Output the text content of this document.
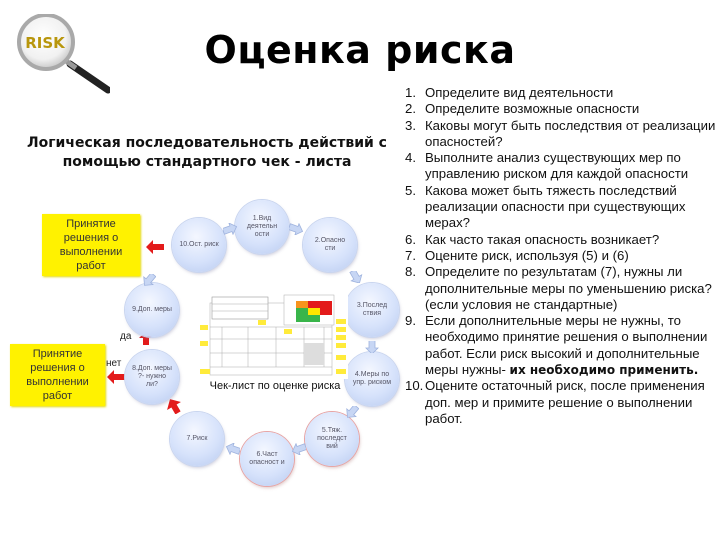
RISK	Оценка риска
Логическая последовательность действий с
помощью стандартного чек - листа
Принятие решения о выполнении работ
Принятие решения о выполнении работ
да
нет
1.Вид деятельн ости
2.Опасно сти
3.Послед ствия
4.Меры по упр. риском
5.Тяж. последст вий
6.Част опасност и
7.Риск
8.Доп. меры ?- нужно ли?
9.Доп. меры
10.Ост. риск
Чек-лист по оценке риска
1. Определите вид деятельности
2. Определите возможные опасности
3. Каковы могут быть последствия от реализации опасностей?
4. Выполните анализ существующих мер по управлению риском для каждой опасности
5. Какова может быть тяжесть последствий реализации опасности при существующих мерах?
6. Как часто такая опасность возникает?
7. Оцените риск, используя (5) и (6)
8. Определите по результатам (7), нужны ли дополнительные меры по уменьшению риска? (если условия не стандартные)
9. Если дополнительные меры не нужны, то необходимо принятие решения о выполнении работ. Если риск высокий и дополнительные меры нужны- их необходимо применить.
10. Оцените остаточный риск, после применения доп. мер и примите решение о выполнении работ.
